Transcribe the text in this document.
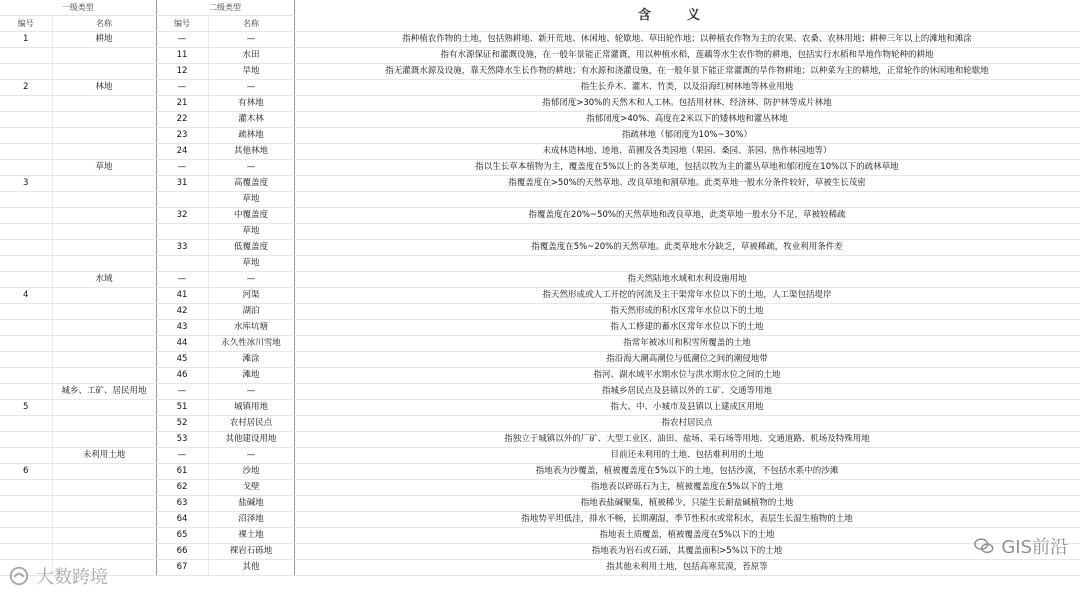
一级类型		二级类型		含义
编号	名称	编号	名称	
1	耕地	—	—	指种植农作物的土地，包括熟耕地、新开荒地、休闲地、轮歇地、草田轮作地；以种植农作物为主的农果、农桑、农林用地；耕种三年以上的滩地和滩涂
		11	水田	指有水源保证和灌溉设施，在一般年景能正常灌溉，用以种植水稻，莲藕等水生农作物的耕地，包括实行水稻和旱地作物轮种的耕地
		12	旱地	指无灌溉水源及设施，靠天然降水生长作物的耕地；有水源和浇灌设施，在一般年景下能正常灌溉的旱作物耕地；以种菜为主的耕地，正常轮作的休闲地和轮歇地
2	林地	—	—	指生长乔木、灌木、竹类，以及沿海红树林地等林业用地
		21	有林地	指郁闭度>30%的天然木和人工林。包括用材林、经济林、防护林等成片林地
		22	灌木林	指郁闭度>40%、高度在2米以下的矮林地和灌丛林地
		23	疏林地	指疏林地（郁闭度为10%~30%）
		24	其他林地	未成林造林地、迹地、苗圃及各类园地（果园、桑园、茶园、热作林园地等）
	草地	—	—	指以生长草本植物为主，覆盖度在5%以上的各类草地，包括以牧为主的灌丛草地和郁闭度在10%以下的疏林草地
3		31	高覆盖度	指覆盖度在>50%的天然草地、改良草地和割草地。此类草地一般水分条件较好，草被生长茂密
			草地	
		32	中覆盖度	指覆盖度在20%~50%的天然草地和改良草地，此类草地一般水分不足，草被较稀疏
			草地	
		33	低覆盖度	指覆盖度在5%~20%的天然草地。此类草地水分缺乏，草被稀疏，牧业利用条件差
			草地	
	水域	—	—	指天然陆地水域和水利设施用地
4		41	河渠	指天然形成或人工开挖的河流及主干渠常年水位以下的土地，人工渠包括堤岸
		42	湖泊	指天然形成的积水区常年水位以下的土地
		43	水库坑塘	指人工修建的蓄水区常年水位以下的土地
		44	永久性冰川雪地	指常年被冰川和积雪所覆盖的土地
		45	滩涂	指沿海大潮高潮位与低潮位之间的潮侵地带
		46	滩地	指河、湖水域平水期水位与洪水期水位之间的土地
	城乡、工矿、居民用地	—	—	指城乡居民点及县镇以外的工矿、交通等用地
5		51	城镇用地	指大、中、小城市及县镇以上建成区用地
		52	农村居民点	指农村居民点
		53	其他建设用地	指独立于城镇以外的厂矿、大型工业区、油田、盐场、采石场等用地、交通道路、机场及特殊用地
	未利用土地	—	—	目前还未利用的土地、包括难利用的土地
6		61	沙地	指地表为沙覆盖，植被覆盖度在5%以下的土地，包括沙漠，不包括水系中的沙滩
		62	戈壁	指地表以碎砾石为主，植被覆盖度在5%以下的土地
		63	盐碱地	指地表盐碱聚集，植被稀少，只能生长耐盐碱植物的土地
		64	沼泽地	指地势平坦低洼，排水不畅，长期潮湿，季节性积水或常积水，表层生长湿生植物的土地
		65	裸土地	指地表土质覆盖，植被覆盖度在5%以下的土地
		66	裸岩石砾地	指地表为岩石或石砾，其覆盖面积>5%以下的土地
		67	其他	指其他未利用土地，包括高寒荒漠，苔原等
大数跨境
GIS前沿
